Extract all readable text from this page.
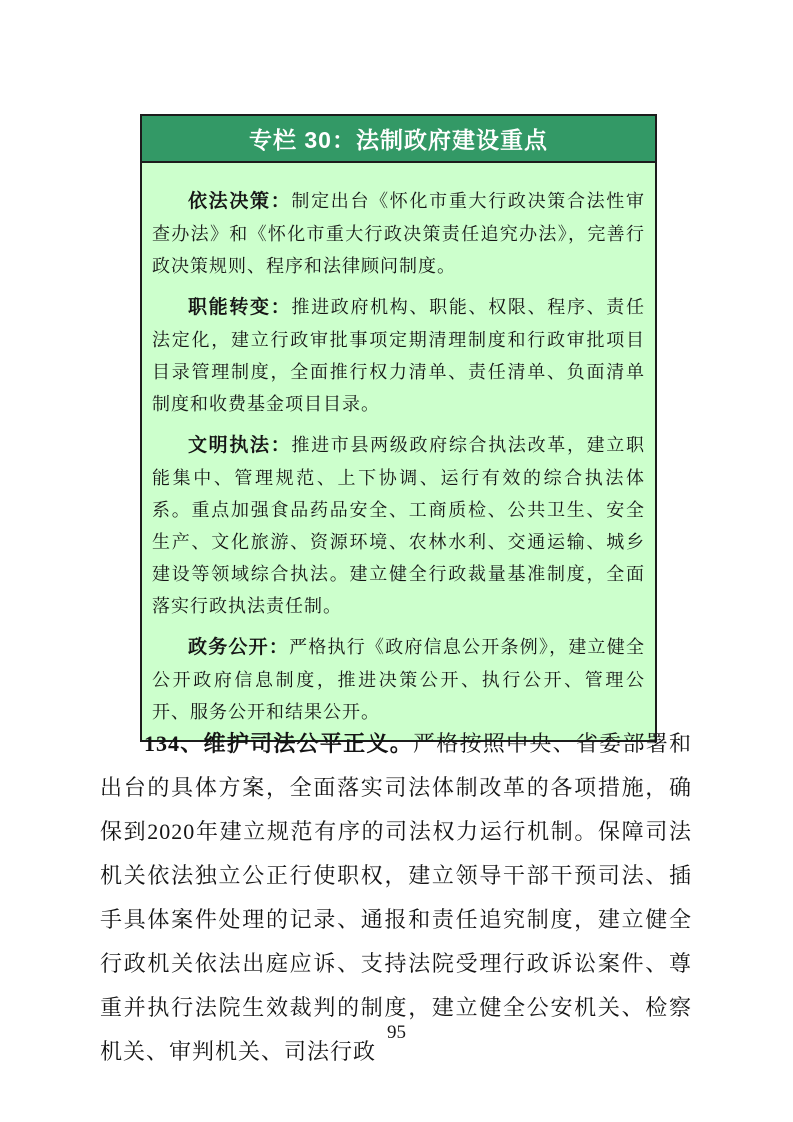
专栏 30：法制政府建设重点

依法决策：制定出台《怀化市重大行政决策合法性审查办法》和《怀化市重大行政决策责任追究办法》，完善行政决策规则、程序和法律顾问制度。

职能转变：推进政府机构、职能、权限、程序、责任法定化，建立行政审批事项定期清理制度和行政审批项目目录管理制度，全面推行权力清单、责任清单、负面清单制度和收费基金项目目录。

文明执法：推进市县两级政府综合执法改革，建立职能集中、管理规范、上下协调、运行有效的综合执法体系。重点加强食品药品安全、工商质检、公共卫生、安全生产、文化旅游、资源环境、农林水利、交通运输、城乡建设等领域综合执法。建立健全行政裁量基准制度，全面落实行政执法责任制。

政务公开：严格执行《政府信息公开条例》，建立健全公开政府信息制度，推进决策公开、执行公开、管理公开、服务公开和结果公开。

134、维护司法公平正义。严格按照中央、省委部署和出台的具体方案，全面落实司法体制改革的各项措施，确保到2020年建立规范有序的司法权力运行机制。保障司法机关依法独立公正行使职权，建立领导干部干预司法、插手具体案件处理的记录、通报和责任追究制度，建立健全行政机关依法出庭应诉、支持法院受理行政诉讼案件、尊重并执行法院生效裁判的制度，建立健全公安机关、检察机关、审判机关、司法行政
95
